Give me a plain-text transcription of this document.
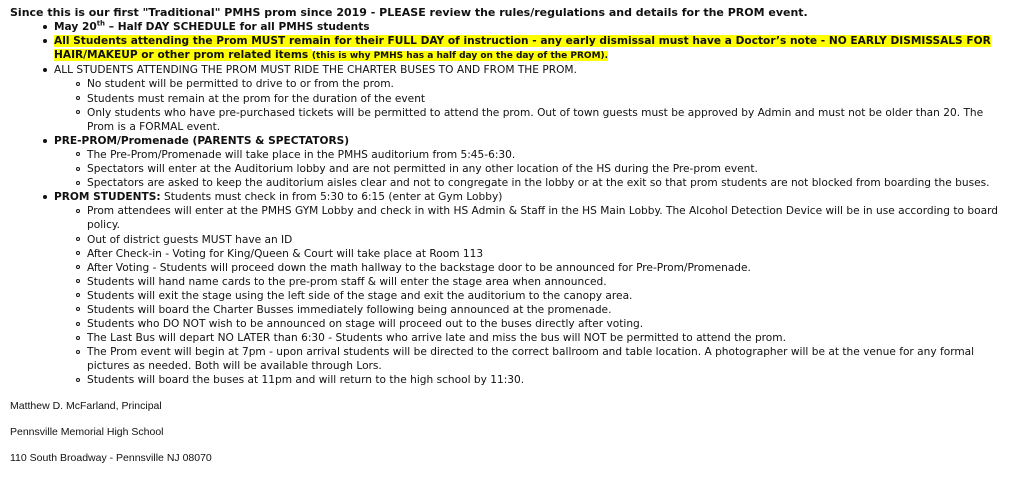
Since this is our first "Traditional" PMHS prom since 2019 - PLEASE review the rules/regulations and details for the PROM event.
May 20th – Half DAY SCHEDULE for all PMHS students
All Students attending the Prom MUST remain for their FULL DAY of instruction - any early dismissal must have a Doctor’s note - NO EARLY DISMISSALS FOR HAIR/MAKEUP or other prom related items (this is why PMHS has a half day on the day of the PROM).
ALL STUDENTS ATTENDING THE PROM MUST RIDE THE CHARTER BUSES TO AND FROM THE PROM.
No student will be permitted to drive to or from the prom.
Students must remain at the prom for the duration of the event
Only students who have pre-purchased tickets will be permitted to attend the prom. Out of town guests must be approved by Admin and must not be older than 20. The Prom is a FORMAL event.
PRE-PROM/Promenade (PARENTS & SPECTATORS)
The Pre-Prom/Promenade will take place in the PMHS auditorium from 5:45-6:30.
Spectators will enter at the Auditorium lobby and are not permitted in any other location of the HS during the Pre-prom event.
Spectators are asked to keep the auditorium aisles clear and not to congregate in the lobby or at the exit so that prom students are not blocked from boarding the buses.
PROM STUDENTS: Students must check in from 5:30 to 6:15 (enter at Gym Lobby)
Prom attendees will enter at the PMHS GYM Lobby and check in with HS Admin & Staff in the HS Main Lobby. The Alcohol Detection Device will be in use according to board policy.
Out of district guests MUST have an ID
After Check-in - Voting for King/Queen & Court will take place at Room 113
After Voting - Students will proceed down the math hallway to the backstage door to be announced for Pre-Prom/Promenade.
Students will hand name cards to the pre-prom staff & will enter the stage area when announced.
Students will exit the stage using the left side of the stage and exit the auditorium to the canopy area.
Students will board the Charter Busses immediately following being announced at the promenade.
Students who DO NOT wish to be announced on stage will proceed out to the buses directly after voting.
The Last Bus will depart NO LATER than 6:30 - Students who arrive late and miss the bus will NOT be permitted to attend the prom.
The Prom event will begin at 7pm - upon arrival students will be directed to the correct ballroom and table location. A photographer will be at the venue for any formal pictures as needed. Both will be available through Lors.
Students will board the buses at 11pm and will return to the high school by 11:30.

Matthew D. McFarland, Principal

Pennsville Memorial High School

110 South Broadway - Pennsville NJ 08070
